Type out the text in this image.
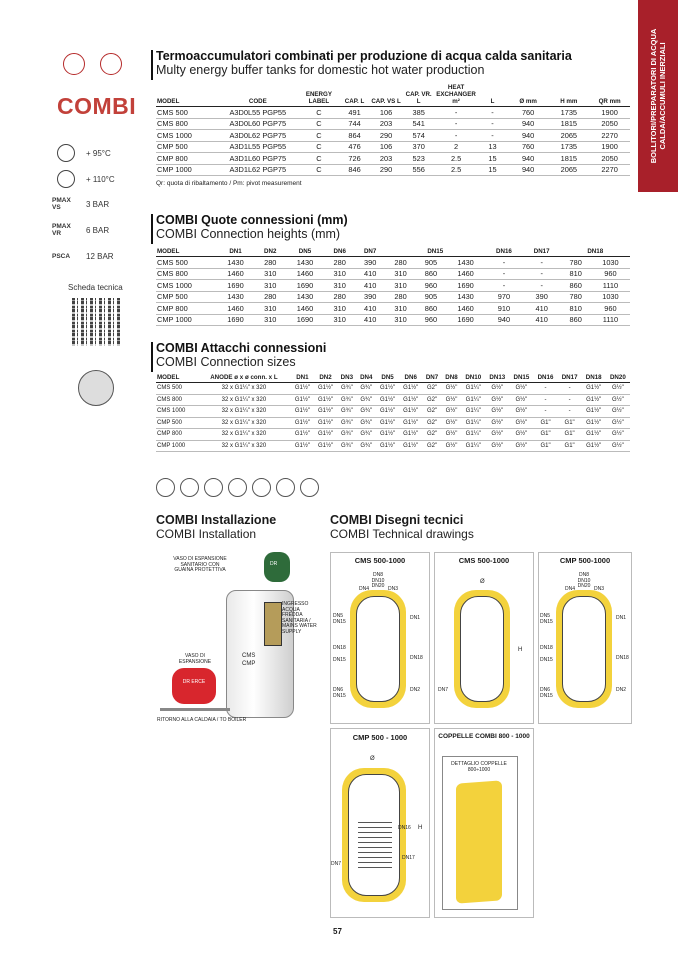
BOLLITORI/PREPARATORI DI ACQUA CALDA/ACCUMULI INERZIALI
COMBI
+ 95°C
+ 110°C
PMAX VS	3 BAR
PMAX VR	6 BAR
PSCA	12 BAR
Scheda tecnica
Termoaccumulatori combinati per produzione di acqua calda sanitaria
Multy energy buffer tanks for domestic hot water production
MODEL	CODE	ENERGY LABEL	CAP. L	CAP. VS L	CAP. VR. L	HEAT EXCHANGER m²	L	Ø mm	H mm	QR mm
CMS 500	A3D0L55 PGP55	C	491	106	385	-	-	760	1735	1900
CMS 800	A3D0L60 PGP75	C	744	203	541	-	-	940	1815	2050
CMS 1000	A3D0L62 PGP75	C	864	290	574	-	-	940	2065	2270
CMP 500	A3D1L55 PGP55	C	476	106	370	2	13	760	1735	1900
CMP 800	A3D1L60 PGP75	C	726	203	523	2.5	15	940	1815	2050
CMP 1000	A3D1L62 PGP75	C	846	290	556	2.5	15	940	2065	2270
Qr: quota di ribaltamento / Pm: pivot measurement
COMBI Quote connessioni (mm)
COMBI Connection heights (mm)
MODEL	DN1	DN2	DN5	DN6	DN7	DN15			DN16	DN17	DN18	
CMS 500	1430	280	1430	280	390	280	905	1430	-	-	780	1030
CMS 800	1460	310	1460	310	410	310	860	1460	-	-	810	960
CMS 1000	1690	310	1690	310	410	310	960	1690	-	-	860	1110
CMP 500	1430	280	1430	280	390	280	905	1430	970	390	780	1030
CMP 800	1460	310	1460	310	410	310	860	1460	910	410	810	960
CMP 1000	1690	310	1690	310	410	310	960	1690	940	410	860	1110
COMBI Attacchi connessioni
COMBI Connection sizes
MODEL	ANODE ø x ø conn. x L	DN1	DN2	DN3	DN4	DN5	DN6	DN7	DN8	DN10	DN13	DN15	DN16	DN17	DN18	DN20
CMS 500	32 x G1¼" x 320	G1½"	G1½"	G¾"	G¾"	G1½"	G1½"	G2"	G½"	G1¼"	G½"	G½"	-	-	G1½"	G½"
CMS 800	32 x G1¼" x 320	G1½"	G1½"	G¾"	G¾"	G1½"	G1½"	G2"	G½"	G1¼"	G½"	G½"	-	-	G1½"	G½"
CMS 1000	32 x G1¼" x 320	G1½"	G1½"	G¾"	G¾"	G1½"	G1½"	G2"	G½"	G1¼"	G½"	G½"	-	-	G1½"	G½"
CMP 500	32 x G1¼" x 320	G1½"	G1½"	G¾"	G¾"	G1½"	G1½"	G2"	G½"	G1¼"	G½"	G½"	G1"	G1"	G1½"	G½"
CMP 800	32 x G1¼" x 320	G1½"	G1½"	G¾"	G¾"	G1½"	G1½"	G2"	G½"	G1¼"	G½"	G½"	G1"	G1"	G1½"	G½"
CMP 1000	32 x G1¼" x 320	G1½"	G1½"	G¾"	G¾"	G1½"	G1½"	G2"	G½"	G1¼"	G½"	G½"	G1"	G1"	G1½"	G½"
COMBI Installazione
COMBI Installation
VASO DI ESPANSIONE SANITARIO CON GUAINA PROTETTIVA
DR
INGRESSO ACQUA FREDDA SANITARIA / MAINS WATER SUPPLY
CMS
CMP
VASO DI ESPANSIONE
DR ERCE
RITORNO ALLA CALDAIA / TO BOILER
COMBI Disegni tecnici
COMBI Technical drawings
CMS 500-1000
DN8 DN10 DN20
DN4	DN3
DN5 DN15
DN1
DN18
DN15	DN18
DN6 DN15
DN2
CMS 500-1000
Ø
H
DN7
CMP 500-1000
DN8 DN10 DN20
DN4	DN3
DN5 DN15
DN1
DN18
DN15	DN18
DN6 DN15
DN2
CMP 500 - 1000
Ø
DN16
DN17
DN7
H
COPPELLE COMBI 800 - 1000
DETTAGLIO COPPELLE 800÷1000
57
